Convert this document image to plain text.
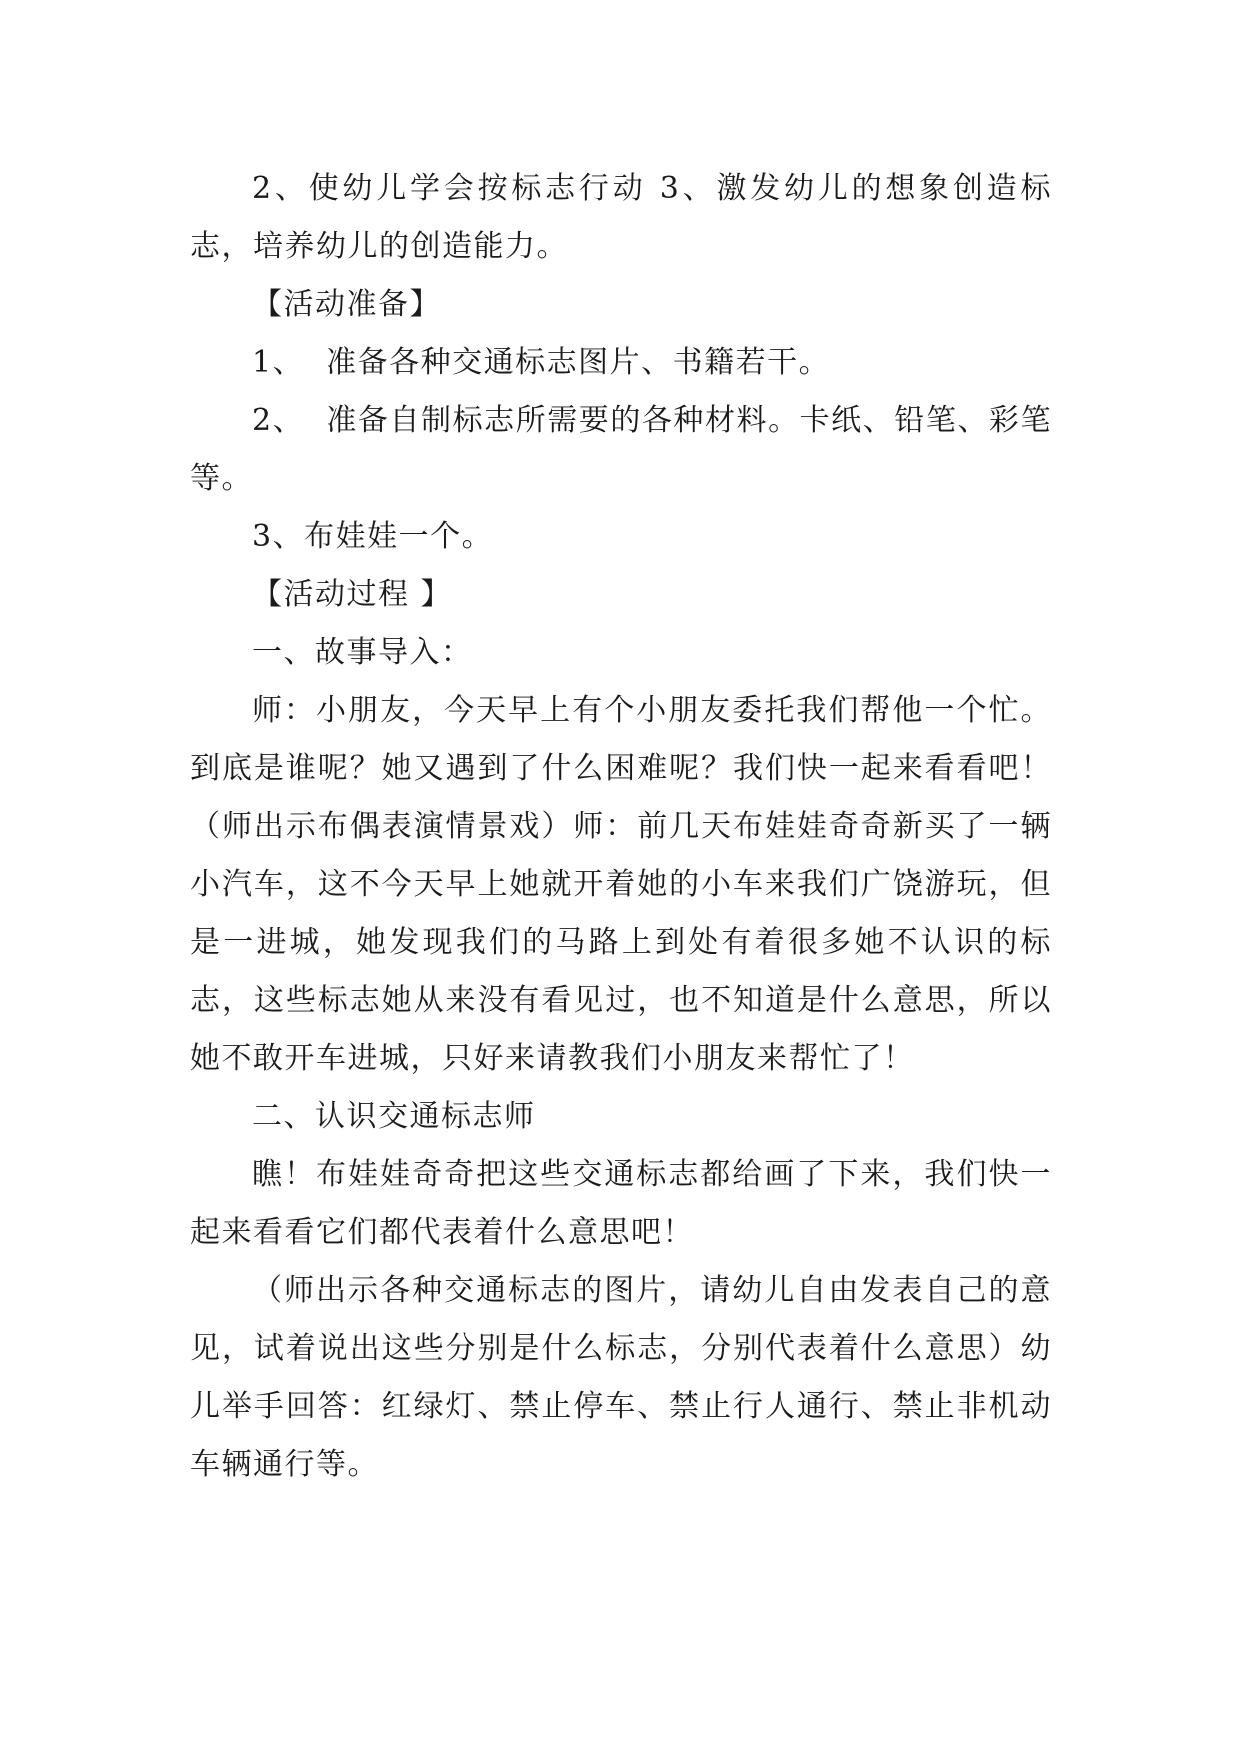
2、使幼儿学会按标志行动 3、激发幼儿的想象创造标志，培养幼儿的创造能力。

【活动准备】

1、  准备各种交通标志图片、书籍若干。

2、  准备自制标志所需要的各种材料。卡纸、铅笔、彩笔等。

3、布娃娃一个。

【活动过程 】

一、故事导入：

师：小朋友，今天早上有个小朋友委托我们帮他一个忙。到底是谁呢？她又遇到了什么困难呢？我们快一起来看看吧！（师出示布偶表演情景戏）师：前几天布娃娃奇奇新买了一辆小汽车，这不今天早上她就开着她的小车来我们广饶游玩，但是一进城，她发现我们的马路上到处有着很多她不认识的标志，这些标志她从来没有看见过，也不知道是什么意思，所以她不敢开车进城，只好来请教我们小朋友来帮忙了！

二、认识交通标志师

瞧！布娃娃奇奇把这些交通标志都给画了下来，我们快一起来看看它们都代表着什么意思吧！

（师出示各种交通标志的图片，请幼儿自由发表自己的意见，试着说出这些分别是什么标志，分别代表着什么意思）幼儿举手回答：红绿灯、禁止停车、禁止行人通行、禁止非机动车辆通行等。
